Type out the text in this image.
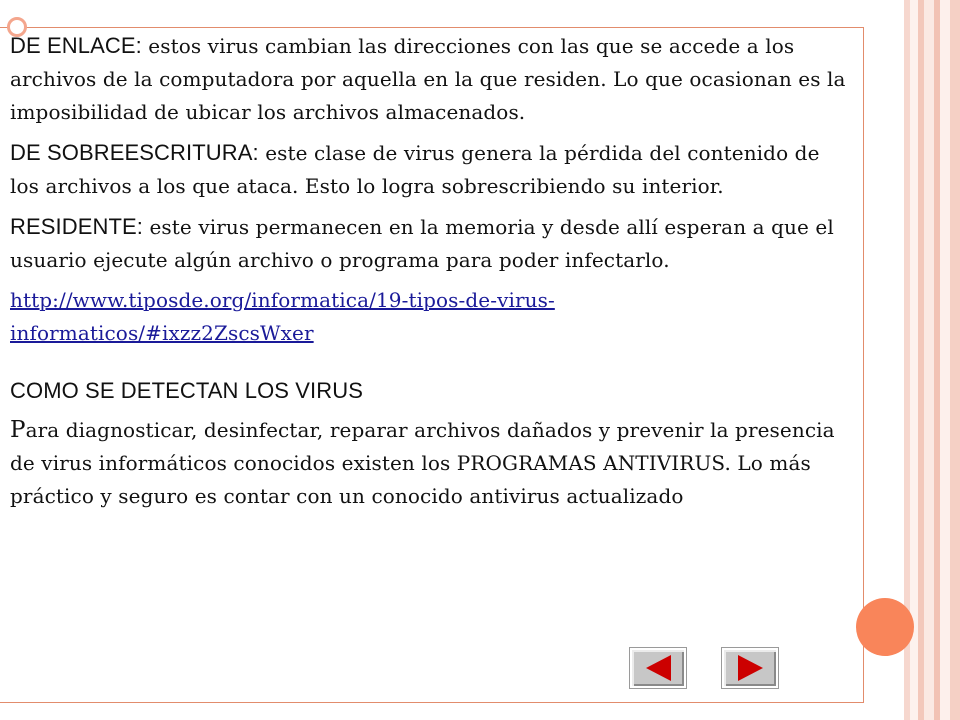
DE ENLACE: estos virus cambian las direcciones con las que se accede a los archivos de la computadora por aquella en la que residen. Lo que ocasionan es la imposibilidad de ubicar los archivos almacenados.

DE SOBREESCRITURA: este clase de virus genera la pérdida del contenido de los archivos a los que ataca. Esto lo logra sobrescribiendo su interior.

RESIDENTE: este virus permanecen en la memoria y desde allí esperan a que el usuario ejecute algún archivo o programa para poder infectarlo.

http://www.tiposde.org/informatica/19-tipos-de-virus-informaticos/#ixzz2ZscsWxer

COMO SE DETECTAN LOS VIRUS

Para diagnosticar, desinfectar, reparar archivos dañados y prevenir la presencia de virus informáticos conocidos existen los PROGRAMAS ANTIVIRUS. Lo más práctico y seguro es contar con un conocido antivirus actualizado
